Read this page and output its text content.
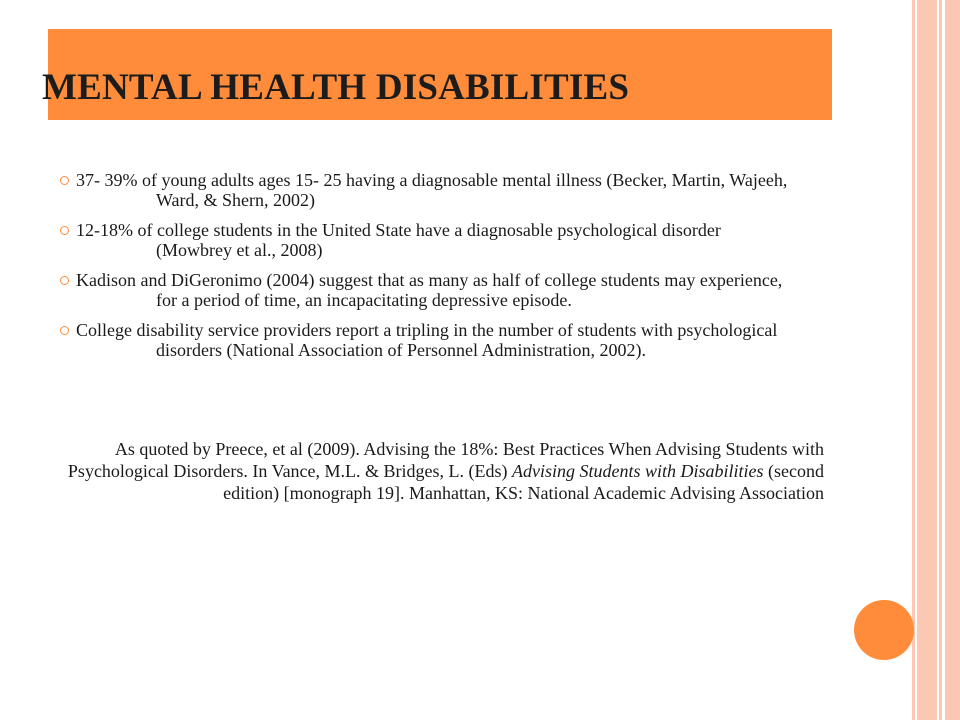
MENTAL HEALTH DISABILITIES
37- 39% of young adults ages 15- 25 having a diagnosable mental illness (Becker, Martin, Wajeeh, Ward, & Shern, 2002)
12-18% of college students in the United State have a diagnosable psychological disorder (Mowbrey et al., 2008)
Kadison and DiGeronimo (2004) suggest that as many as half of college students may experience, for a period of time, an incapacitating depressive episode.
College disability service providers report a tripling in the number of students with psychological disorders (National Association of Personnel Administration, 2002).

As quoted by Preece, et al (2009). Advising the 18%: Best Practices When Advising Students with Psychological Disorders. In Vance, M.L. & Bridges, L. (Eds) Advising Students with Disabilities (second edition) [monograph 19]. Manhattan, KS: National Academic Advising Association
